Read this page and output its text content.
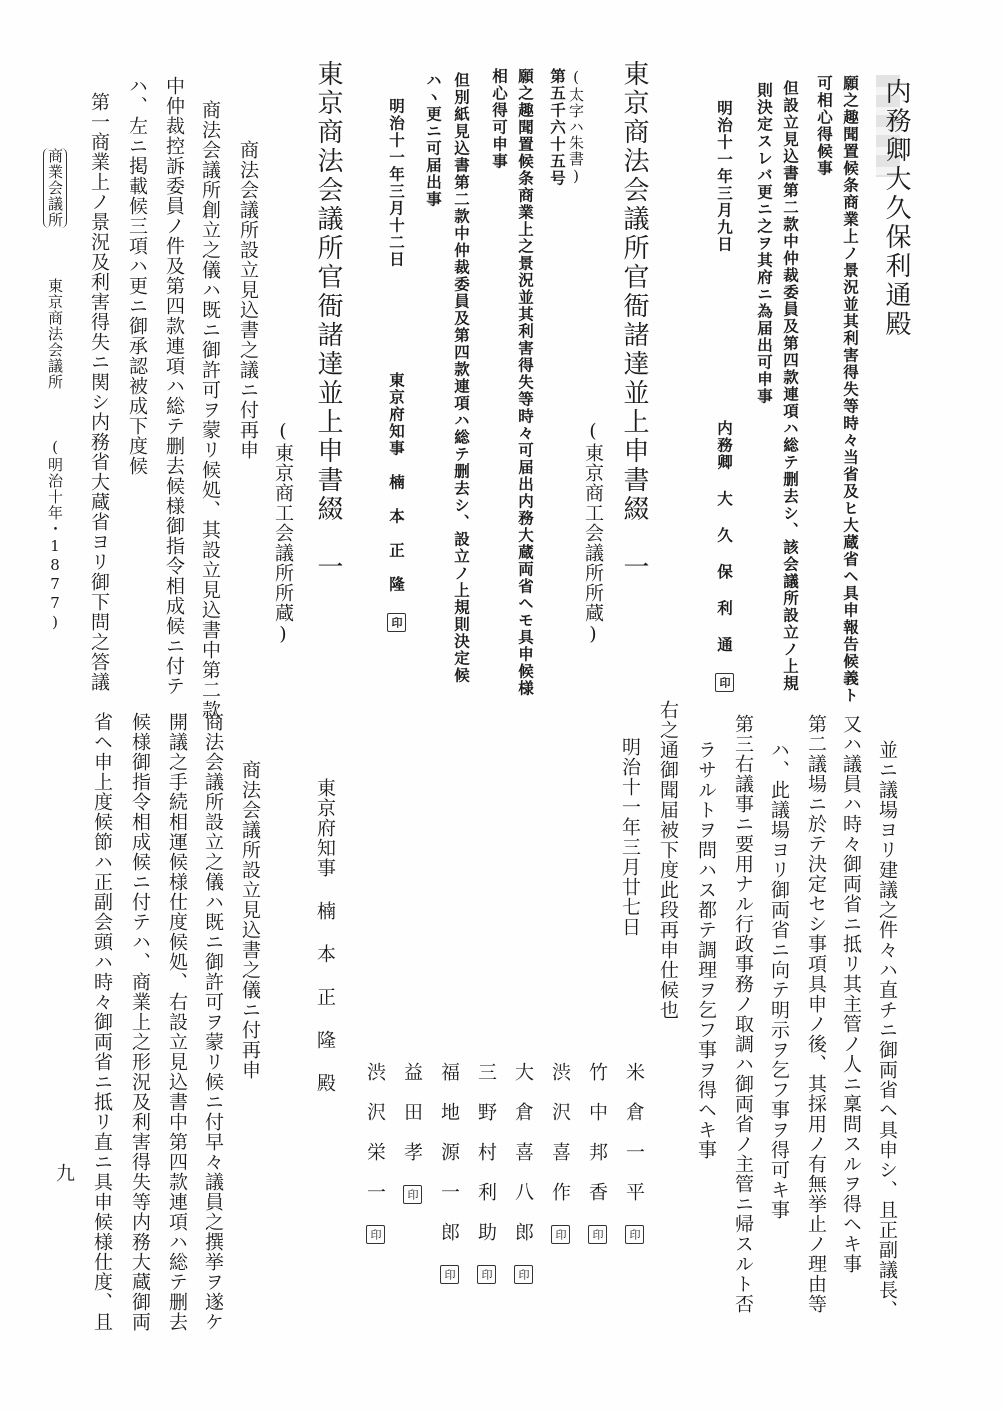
内務卿大久保利通殿
願之趣聞置候条商業上ノ景況並其利害得失等時々当省及ヒ大蔵省ヘ具申報告候義ト
可相心得候事
但設立見込書第二款中仲裁委員及第四款連項ハ総テ删去シ、該会議所設立ノ上規
則決定スレバ更ニ之ヲ其府ニ為届出可申事
明治十一年三月九日
内務卿 大 久 保 利 通 印
東京商法会議所官衙諸達並上申書綴　一
(東京商工会議所所蔵)
(太字ハ朱書)
第五千六十五号
願之趣聞置候条商業上之景況並其利害得失等時々可届出内務大蔵両省ヘモ具申候様
相心得可申事
但別紙見込書第二款中仲裁委員及第四款連項ハ総テ删去シ、設立ノ上規則決定候
ハヽ更ニ可届出事
明治十一年三月十二日
東京府知事　楠　本　正　隆 印
東京商法会議所官衙諸達並上申書綴　一
(東京商工会議所所蔵)
商法会議所設立見込書之議ニ付再申
商法会議所創立之儀ハ既ニ御許可ヲ蒙リ候処、其設立見込書中第二款
中仲裁控訴委員ノ件及第四款連項ハ総テ删去候様御指令相成候ニ付テ
ハ、左ニ掲載候三項ハ更ニ御承認被成下度候
第一商業上ノ景況及利害得失ニ関シ内務省大蔵省ヨリ御下問之答議
商業会議所
東京商法会議所
(明治十年・1877)
並ニ議場ヨリ建議之件々ハ直チニ御両省ヘ具申シ、且正副議長、
又ハ議員ハ時々御両省ニ抵リ其主管ノ人ニ稟問スルヲ得ヘキ事
第二議場ニ於テ決定セシ事項具申ノ後、其採用ノ有無挙止ノ理由等
ハ、此議場ヨリ御両省ニ向テ明示ヲ乞フ事ヲ得可キ事
第三右議事ニ要用ナル行政事務ノ取調ハ御両省ノ主管ニ帰スルト否
ラサルトヲ問ハス都テ調理ヲ乞フ事ヲ得ヘキ事
右之通御聞届被下度此段再申仕候也
明治十一年三月廿七日
米　倉　一　平 印
竹　中　邦　香 印
渋　沢　喜　作 印
大　倉　喜　八　郎 印
三　野　村　利　助 印
福　地　源　一　郎 印
益　田　孝 印
渋　沢　栄　一 印
東京府知事 楠 本 正 隆 殿
商法会議所設立見込書之儀ニ付再申
商法会議所設立之儀ハ既ニ御許可ヲ蒙リ候ニ付早々議員之撰挙ヲ遂ケ
開議之手続相運候様仕度候処、右設立見込書中第四款連項ハ総テ删去
候様御指令相成候ニ付テハ、商業上之形況及利害得失等内務大蔵御両
省ヘ申上度候節ハ正副会頭ハ時々御両省ニ抵リ直ニ具申候様仕度、且
九
